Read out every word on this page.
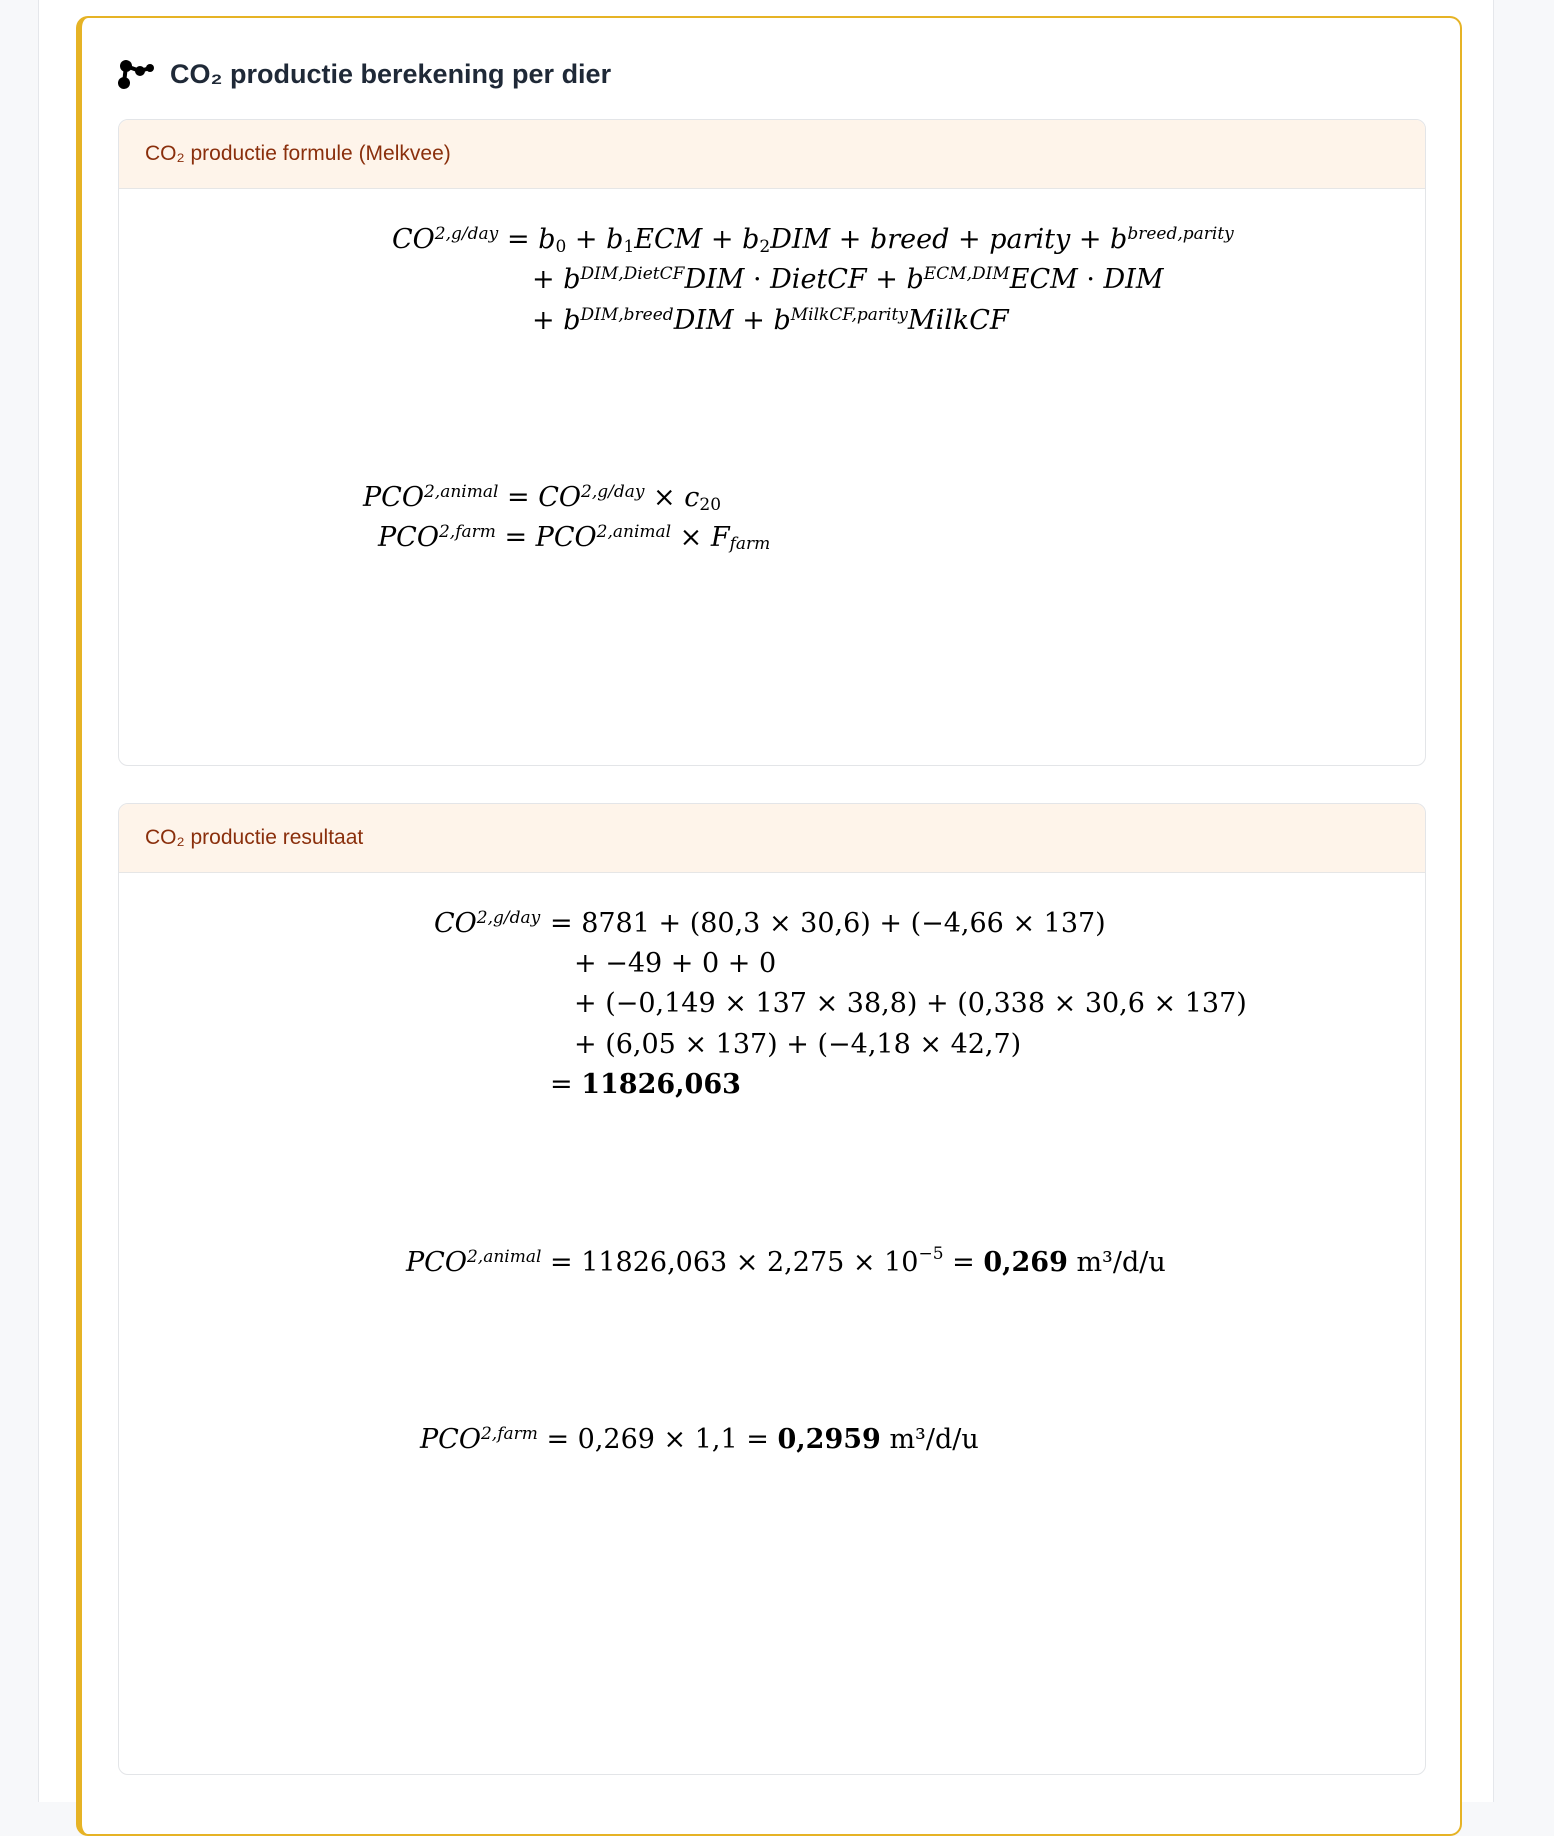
CO₂ productie berekening per dier
CO₂ productie formule (Melkvee)
$CO^{2,g/day} = b_0 + b_1ECM + b_2DIM$ + breed + parity + $b^{breed,parity}$
+ $b^{DIM,DietCF}DIM$ · DietCF + $b^{ECM,DIM}ECM$ · DIM
+ $b^{DIM,breed}DIM$ + $b^{MilkCF,parity}MilkCF$
$PCO^{2,animal} = CO^{2,g/day} \times c_{20}$
$PCO^{2,farm} = PCO^{2,animal}$ × Ffarm
CO₂ productie resultaat
$CO^{2,g/day} = 8781 + (80,3 \times 30,6) + (-4,66 \times 137)$
+ −49 + 0 + 0
+ (−0,149 × 137 × 38,8) + (0,338 × 30,6 × 137)
+ (6,05 × 137) + (−4,18 × 42,7)
= 11826,063
$PCO^{2,animal} = 11826,063 \times 2,275 \times 10^{-5} = 0,269$ m³/d/u
$PCO^{2,farm} = 0,269 \times 1,1 = 0,2959$ m³/d/u
